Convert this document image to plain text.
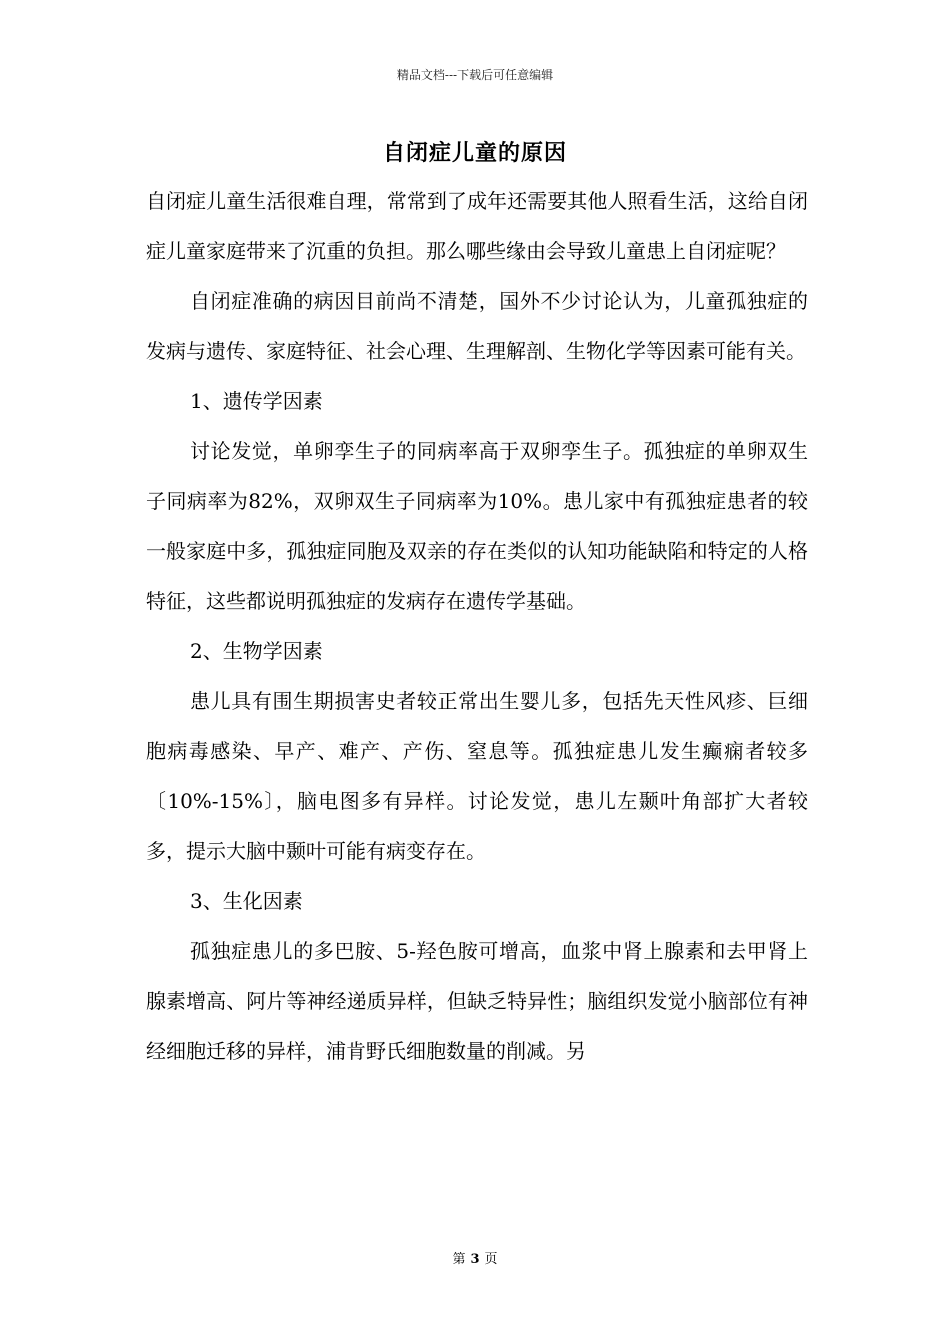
精品文档---下载后可任意编辑
自闭症儿童的原因

自闭症儿童生活很难自理，常常到了成年还需要其他人照看生活，这给自闭症儿童家庭带来了沉重的负担。那么哪些缘由会导致儿童患上自闭症呢？

自闭症准确的病因目前尚不清楚，国外不少讨论认为，儿童孤独症的发病与遗传、家庭特征、社会心理、生理解剖、生物化学等因素可能有关。

1、遗传学因素

讨论发觉，单卵孪生子的同病率高于双卵孪生子。孤独症的单卵双生子同病率为82%，双卵双生子同病率为10%。患儿家中有孤独症患者的较一般家庭中多，孤独症同胞及双亲的存在类似的认知功能缺陷和特定的人格特征，这些都说明孤独症的发病存在遗传学基础。

2、生物学因素

患儿具有围生期损害史者较正常出生婴儿多，包括先天性风疹、巨细胞病毒感染、早产、难产、产伤、窒息等。孤独症患儿发生癫痫者较多〔10%-15%〕，脑电图多有异样。讨论发觉，患儿左颞叶角部扩大者较多，提示大脑中颞叶可能有病变存在。

3、生化因素

孤独症患儿的多巴胺、5-羟色胺可增高，血浆中肾上腺素和去甲肾上腺素增高、阿片等神经递质异样，但缺乏特异性；脑组织发觉小脑部位有神经细胞迁移的异样，浦肯野氏细胞数量的削减。另

第 3 页
